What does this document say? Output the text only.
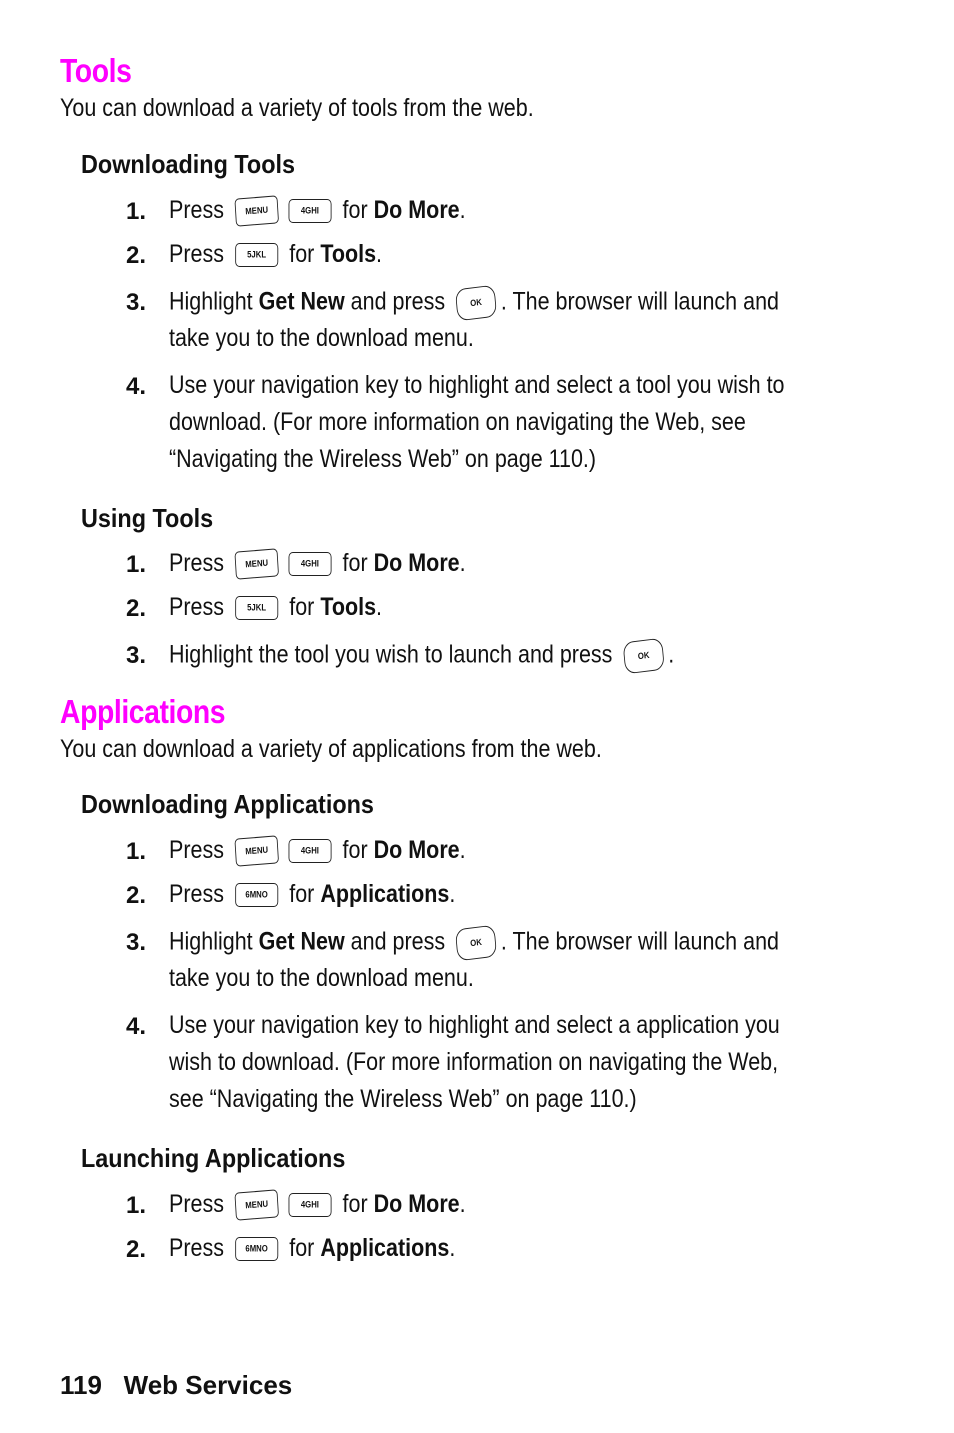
Tools
You can download a variety of tools from the web.
Downloading Tools
1. Press	MENU	4GHI for Do More.
2. Press	5JKL for Tools.
3. Highlight Get New and press	OK . The browser will launch and
take you to the download menu.
4. Use your navigation key to highlight and select a tool you wish to
download. (For more information on navigating the Web, see
“Navigating the Wireless Web” on page 110.)
Using Tools
1. Press	MENU	4GHI for Do More.
2. Press	5JKL for Tools.
3. Highlight the tool you wish to launch and press	OK .
Applications
You can download a variety of applications from the web.
Downloading Applications
1. Press	MENU	4GHI for Do More.
2. Press	6MNO for Applications.
3. Highlight Get New and press	OK . The browser will launch and
take you to the download menu.
4. Use your navigation key to highlight and select a application you
wish to download. (For more information on navigating the Web,
see “Navigating the Wireless Web” on page 110.)
Launching Applications
1. Press	MENU	4GHI for Do More.
2. Press	6MNO for Applications.
119 Web Services
